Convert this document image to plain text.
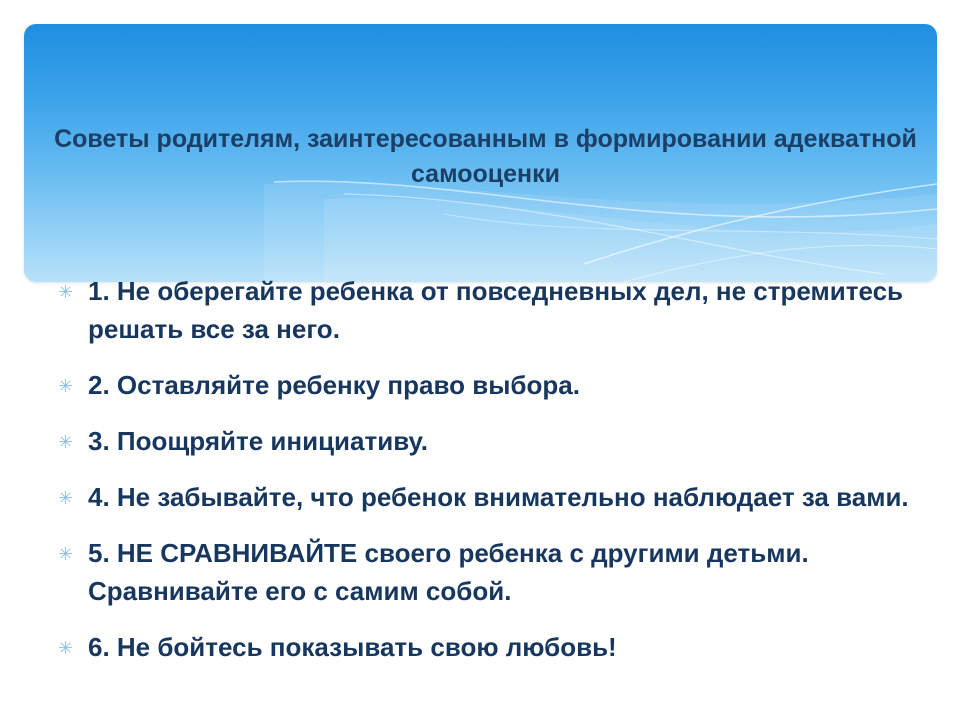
Советы родителям, заинтересованным в формировании адекватной самооценки

✳ 1. Не оберегайте ребенка от повседневных дел, не стремитесь решать все за него.
✳ 2. Оставляйте ребенку право выбора.
✳ 3. Поощряйте инициативу.
✳ 4. Не забывайте, что ребенок внимательно наблюдает за вами.
✳ 5. НЕ СРАВНИВАЙТЕ своего ребенка с другими детьми. Сравнивайте его с самим собой.
✳ 6. Не бойтесь показывать свою любовь!
